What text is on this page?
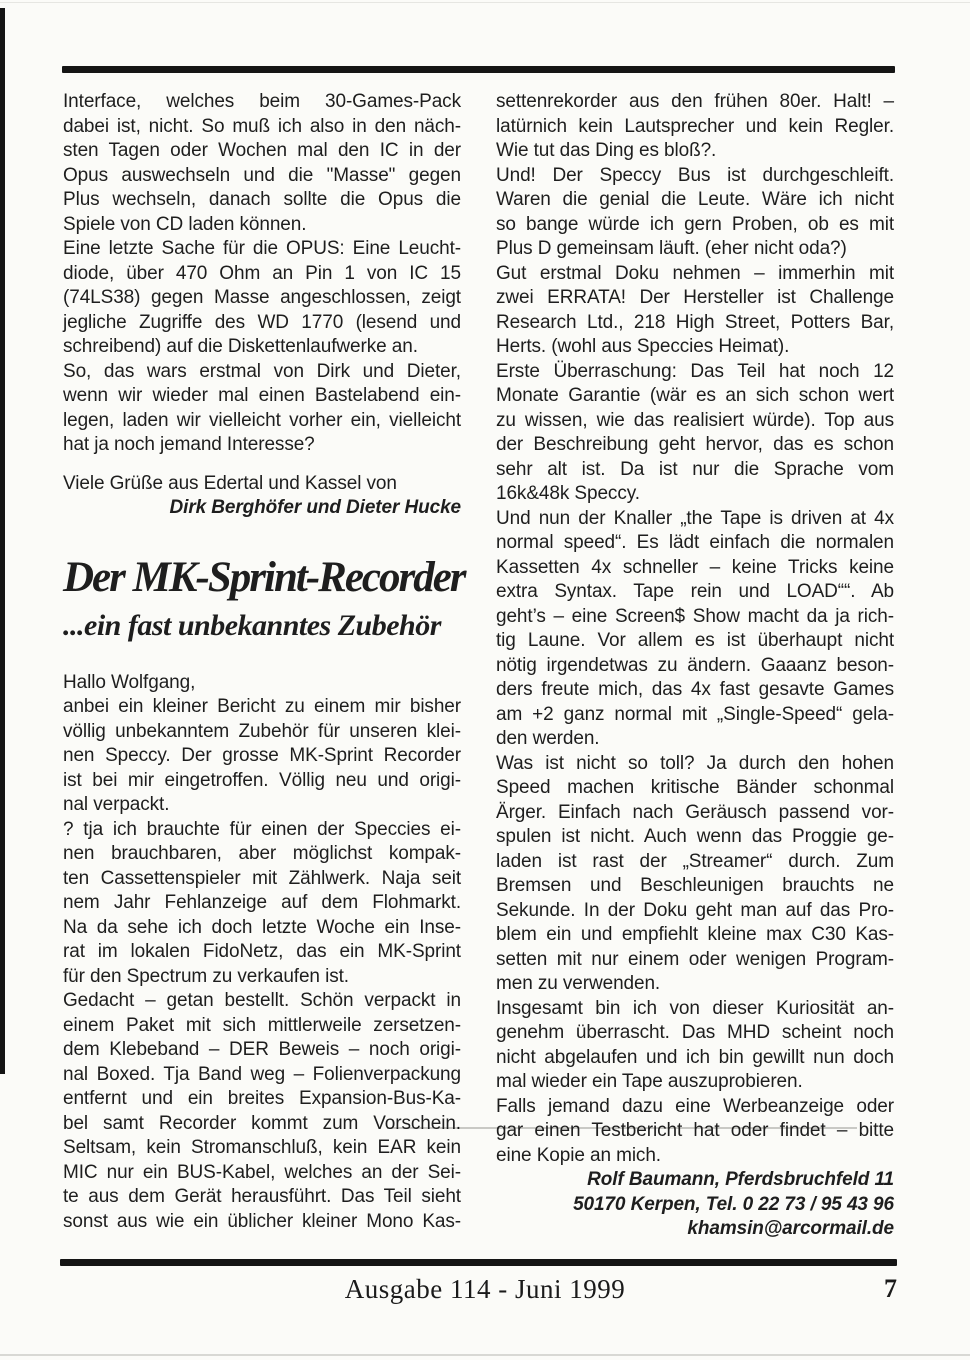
Interface, welches beim 30-Games-Pack
dabei ist, nicht. So muß ich also in den näch-
sten Tagen oder Wochen mal den IC in der
Opus auswechseln und die "Masse" gegen
Plus wechseln, danach sollte die Opus die
Spiele von CD laden können.
Eine letzte Sache für die OPUS: Eine Leucht-
diode, über 470 Ohm an Pin 1 von IC 15
(74LS38) gegen Masse angeschlossen, zeigt
jegliche Zugriffe des WD 1770 (lesend und
schreibend) auf die Diskettenlaufwerke an.
So, das wars erstmal von Dirk und Dieter,
wenn wir wieder mal einen Bastelabend ein-
legen, laden wir vielleicht vorher ein, vielleicht
hat ja noch jemand Interesse?
Viele Grüße aus Edertal und Kassel von
Dirk Berghöfer und Dieter Hucke
Der MK-Sprint-Recorder
...ein fast unbekanntes Zubehör
Hallo Wolfgang,
anbei ein kleiner Bericht zu einem mir bisher
völlig unbekanntem Zubehör für unseren klei-
nen Speccy. Der grosse MK-Sprint Recorder
ist bei mir eingetroffen. Völlig neu und origi-
nal verpackt.
? tja ich brauchte für einen der Speccies ei-
nen brauchbaren, aber möglichst kompak-
ten Cassettenspieler mit Zählwerk. Naja seit
nem Jahr Fehlanzeige auf dem Flohmarkt.
Na da sehe ich doch letzte Woche ein Inse-
rat im lokalen FidoNetz, das ein MK-Sprint
für den Spectrum zu verkaufen ist.
Gedacht – getan bestellt. Schön verpackt in
einem Paket mit sich mittlerweile zersetzen-
dem Klebeband – DER Beweis – noch origi-
nal Boxed. Tja Band weg – Folienverpackung
entfernt und ein breites Expansion-Bus-Ka-
bel samt Recorder kommt zum Vorschein.
Seltsam, kein Stromanschluß, kein EAR kein
MIC nur ein BUS-Kabel, welches an der Sei-
te aus dem Gerät herausführt. Das Teil sieht
sonst aus wie ein üblicher kleiner Mono Kas-
settenrekorder aus den frühen 80er. Halt! –
latürnich kein Lautsprecher und kein Regler.
Wie tut das Ding es bloß?.
Und! Der Speccy Bus ist durchgeschleift.
Waren die genial die Leute. Wäre ich nicht
so bange würde ich gern Proben, ob es mit
Plus D gemeinsam läuft. (eher nicht oda?)
Gut erstmal Doku nehmen – immerhin mit
zwei ERRATA! Der Hersteller ist Challenge
Research Ltd., 218 High Street, Potters Bar,
Herts. (wohl aus Speccies Heimat).
Erste Überraschung: Das Teil hat noch 12
Monate Garantie (wär es an sich schon wert
zu wissen, wie das realisiert würde). Top aus
der Beschreibung geht hervor, das es schon
sehr alt ist. Da ist nur die Sprache vom
16k&48k Speccy.
Und nun der Knaller „the Tape is driven at 4x
normal speed“. Es lädt einfach die normalen
Kassetten 4x schneller – keine Tricks keine
extra Syntax. Tape rein und LOAD““. Ab
geht’s – eine Screen$ Show macht da ja rich-
tig Laune. Vor allem es ist überhaupt nicht
nötig irgendetwas zu ändern. Gaaanz beson-
ders freute mich, das 4x fast gesavte Games
am +2 ganz normal mit „Single-Speed“ gela-
den werden.
Was ist nicht so toll? Ja durch den hohen
Speed machen kritische Bänder schonmal
Ärger. Einfach nach Geräusch passend vor-
spulen ist nicht. Auch wenn das Proggie ge-
laden ist rast der „Streamer“ durch. Zum
Bremsen und Beschleunigen brauchts ne
Sekunde. In der Doku geht man auf das Pro-
blem ein und empfiehlt kleine max C30 Kas-
setten mit nur einem oder wenigen Program-
men zu verwenden.
Insgesamt bin ich von dieser Kuriosität an-
genehm überrascht. Das MHD scheint noch
nicht abgelaufen und ich bin gewillt nun doch
mal wieder ein Tape auszuprobieren.
Falls jemand dazu eine Werbeanzeige oder
gar einen Testbericht hat oder findet – bitte
eine Kopie an mich.
Rolf Baumann, Pferdsbruchfeld 11
50170 Kerpen, Tel. 0 22 73 / 95 43 96
khamsin@arcormail.de
Ausgabe 114 - Juni 1999	7
